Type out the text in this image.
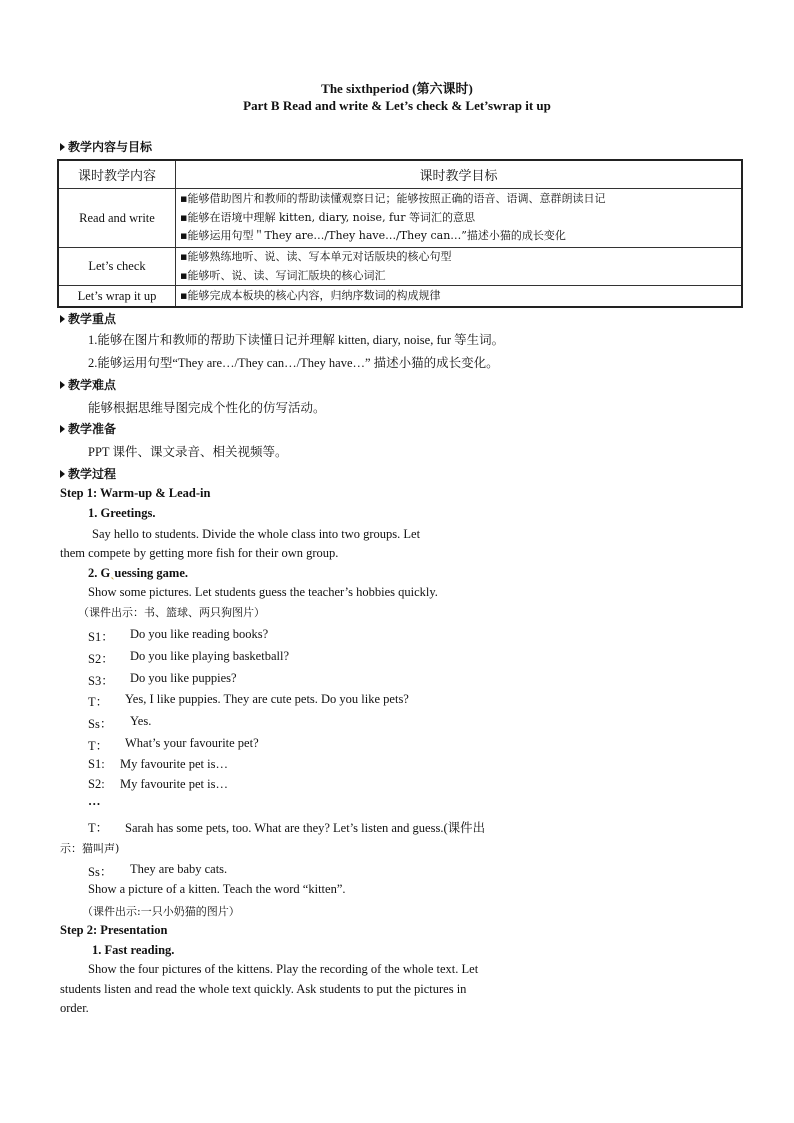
The sixthperiod (第六课时)
Part B Read and write & Let’s check & Let’swrap it up
教学内容与目标
课时教学内容	课时教学目标
Read and write	▪能够借助图片和教师的帮助读懂观察日记；能够按照正确的语音、语调、意群朗读日记
▪能够在语境中理解 kitten, diary, noise, fur 等词汇的意思
▪能够运用句型＂They are…/They have…/They can…”描述小猫的成长变化

Let’s check	▪能够熟练地听、说、读、写本单元对话版块的核心句型
▪能够听、说、读、写词汇版块的核心词汇

Let’s wrap it up	▪能够完成本板块的核心内容，归纳序数词的构成规律
教学重点
1.能够在图片和教师的帮助下读懂日记并理解 kitten, diary, noise, fur 等生词。
2.能够运用句型“They are…/They can…/They have…” 描述小猫的成长变化。
教学难点
能够根据思维导图完成个性化的仿写活动。
教学准备
PPT 课件、课文录音、相关视频等。
教学过程
Step 1: Warm-up & Lead-in
1. Greetings.
Say hello to students. Divide the whole class into two groups. Let
them compete by getting more fish for their own group.
2. Gˎuessing game.
Show some pictures. Let students guess the teacher’s hobbies quickly.
（课件出示：书、篮球、两只狗图片）
S1： Do you like reading books?
S2： Do you like playing basketball?
S3： Do you like puppies?
T： Yes, I like puppies. They are cute pets. Do you like pets?
Ss： Yes.
T： What’s your favourite pet?
S1: My favourite pet is…
S2: My favourite pet is…
…
T： Sarah has some pets, too. What are they? Let’s listen and guess.(课件出
示：猫叫声)
Ss： They are baby cats.
Show a picture of a kitten. Teach the word “kitten”.
（课件出示:一只小奶猫的图片）
Step 2: Presentation
1. Fast reading.
Show the four pictures of the kittens. Play the recording of the whole text. Let
students listen and read the whole text quickly. Ask students to put the pictures in
order.
